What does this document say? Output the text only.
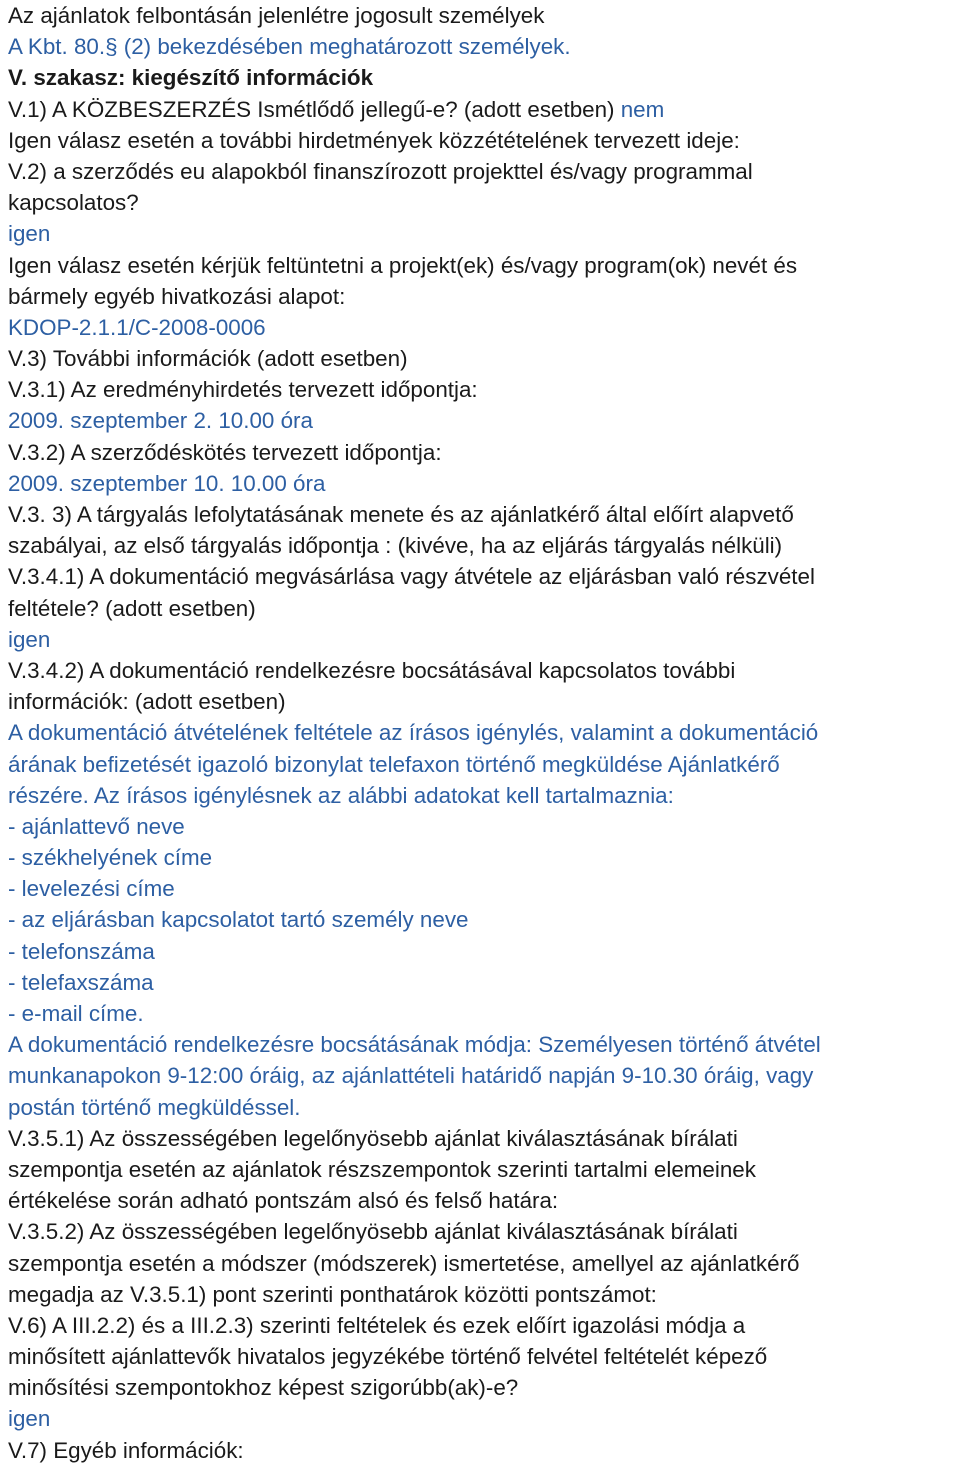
Az ajánlatok felbontásán jelenlétre jogosult személyek
A Kbt. 80.§ (2) bekezdésében meghatározott személyek.
V. szakasz: kiegészítő információk
V.1) A KÖZBESZERZÉS Ismétlődő jellegű-e? (adott esetben) nem
Igen válasz esetén a további hirdetmények közzétételének tervezett ideje:
V.2) a szerződés eu alapokból finanszírozott projekttel és/vagy programmal
kapcsolatos?
igen
Igen válasz esetén kérjük feltüntetni a projekt(ek) és/vagy program(ok) nevét és
bármely egyéb hivatkozási alapot:
KDOP-2.1.1/C-2008-0006
V.3) További információk (adott esetben)
V.3.1) Az eredményhirdetés tervezett időpontja:
2009. szeptember 2. 10.00 óra
V.3.2) A szerződéskötés tervezett időpontja:
2009. szeptember 10. 10.00 óra
V.3. 3) A tárgyalás lefolytatásának menete és az ajánlatkérő által előírt alapvető
szabályai, az első tárgyalás időpontja : (kivéve, ha az eljárás tárgyalás nélküli)
V.3.4.1) A dokumentáció megvásárlása vagy átvétele az eljárásban való részvétel
feltétele? (adott esetben)
igen
V.3.4.2) A dokumentáció rendelkezésre bocsátásával kapcsolatos további
információk: (adott esetben)
A dokumentáció átvételének feltétele az írásos igénylés, valamint a dokumentáció
árának befizetését igazoló bizonylat telefaxon történő megküldése Ajánlatkérő
részére. Az írásos igénylésnek az alábbi adatokat kell tartalmaznia:
- ajánlattevő neve
- székhelyének címe
- levelezési címe
- az eljárásban kapcsolatot tartó személy neve
- telefonszáma
- telefaxszáma
- e-mail címe.
A dokumentáció rendelkezésre bocsátásának módja: Személyesen történő átvétel
munkanapokon 9-12:00 óráig, az ajánlattételi határidő napján 9-10.30 óráig, vagy
postán történő megküldéssel.
V.3.5.1) Az összességében legelőnyösebb ajánlat kiválasztásának bírálati
szempontja esetén az ajánlatok részszempontok szerinti tartalmi elemeinek
értékelése során adható pontszám alsó és felső határa:
V.3.5.2) Az összességében legelőnyösebb ajánlat kiválasztásának bírálati
szempontja esetén a módszer (módszerek) ismertetése, amellyel az ajánlatkérő
megadja az V.3.5.1) pont szerinti ponthatárok közötti pontszámot:
V.6) A III.2.2) és a III.2.3) szerinti feltételek és ezek előírt igazolási módja a
minősített ajánlattevők hivatalos jegyzékébe történő felvétel feltételét képező
minősítési szempontokhoz képest szigorúbb(ak)-e?
igen
V.7) Egyéb információk:
